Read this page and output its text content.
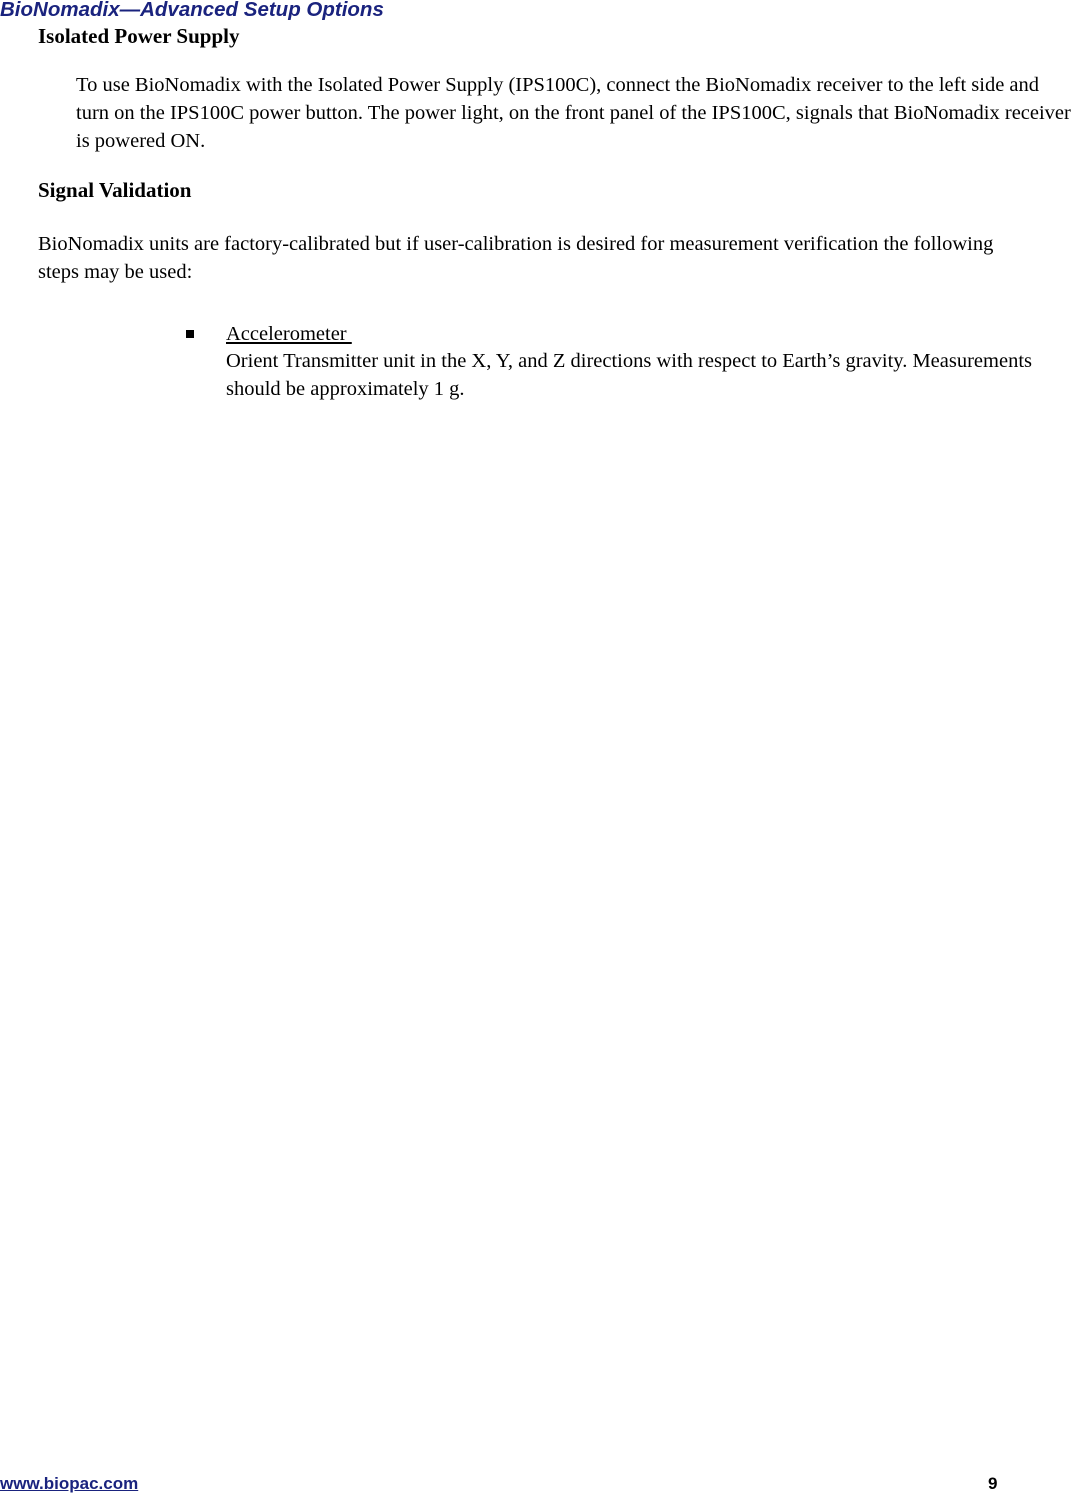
BioNomadix—Advanced Setup Options
Isolated Power Supply

To use BioNomadix with the Isolated Power Supply (IPS100C), connect the BioNomadix receiver to the left side and turn on the IPS100C power button. The power light, on the front panel of the IPS100C, signals that BioNomadix receiver is powered ON.

Signal Validation

BioNomadix units are factory-calibrated but if user-calibration is desired for measurement verification the following steps may be used:

Accelerometer

Orient Transmitter unit in the X, Y, and Z directions with respect to Earth’s gravity. Measurements should be approximately 1 g.

www.biopac.com	9
